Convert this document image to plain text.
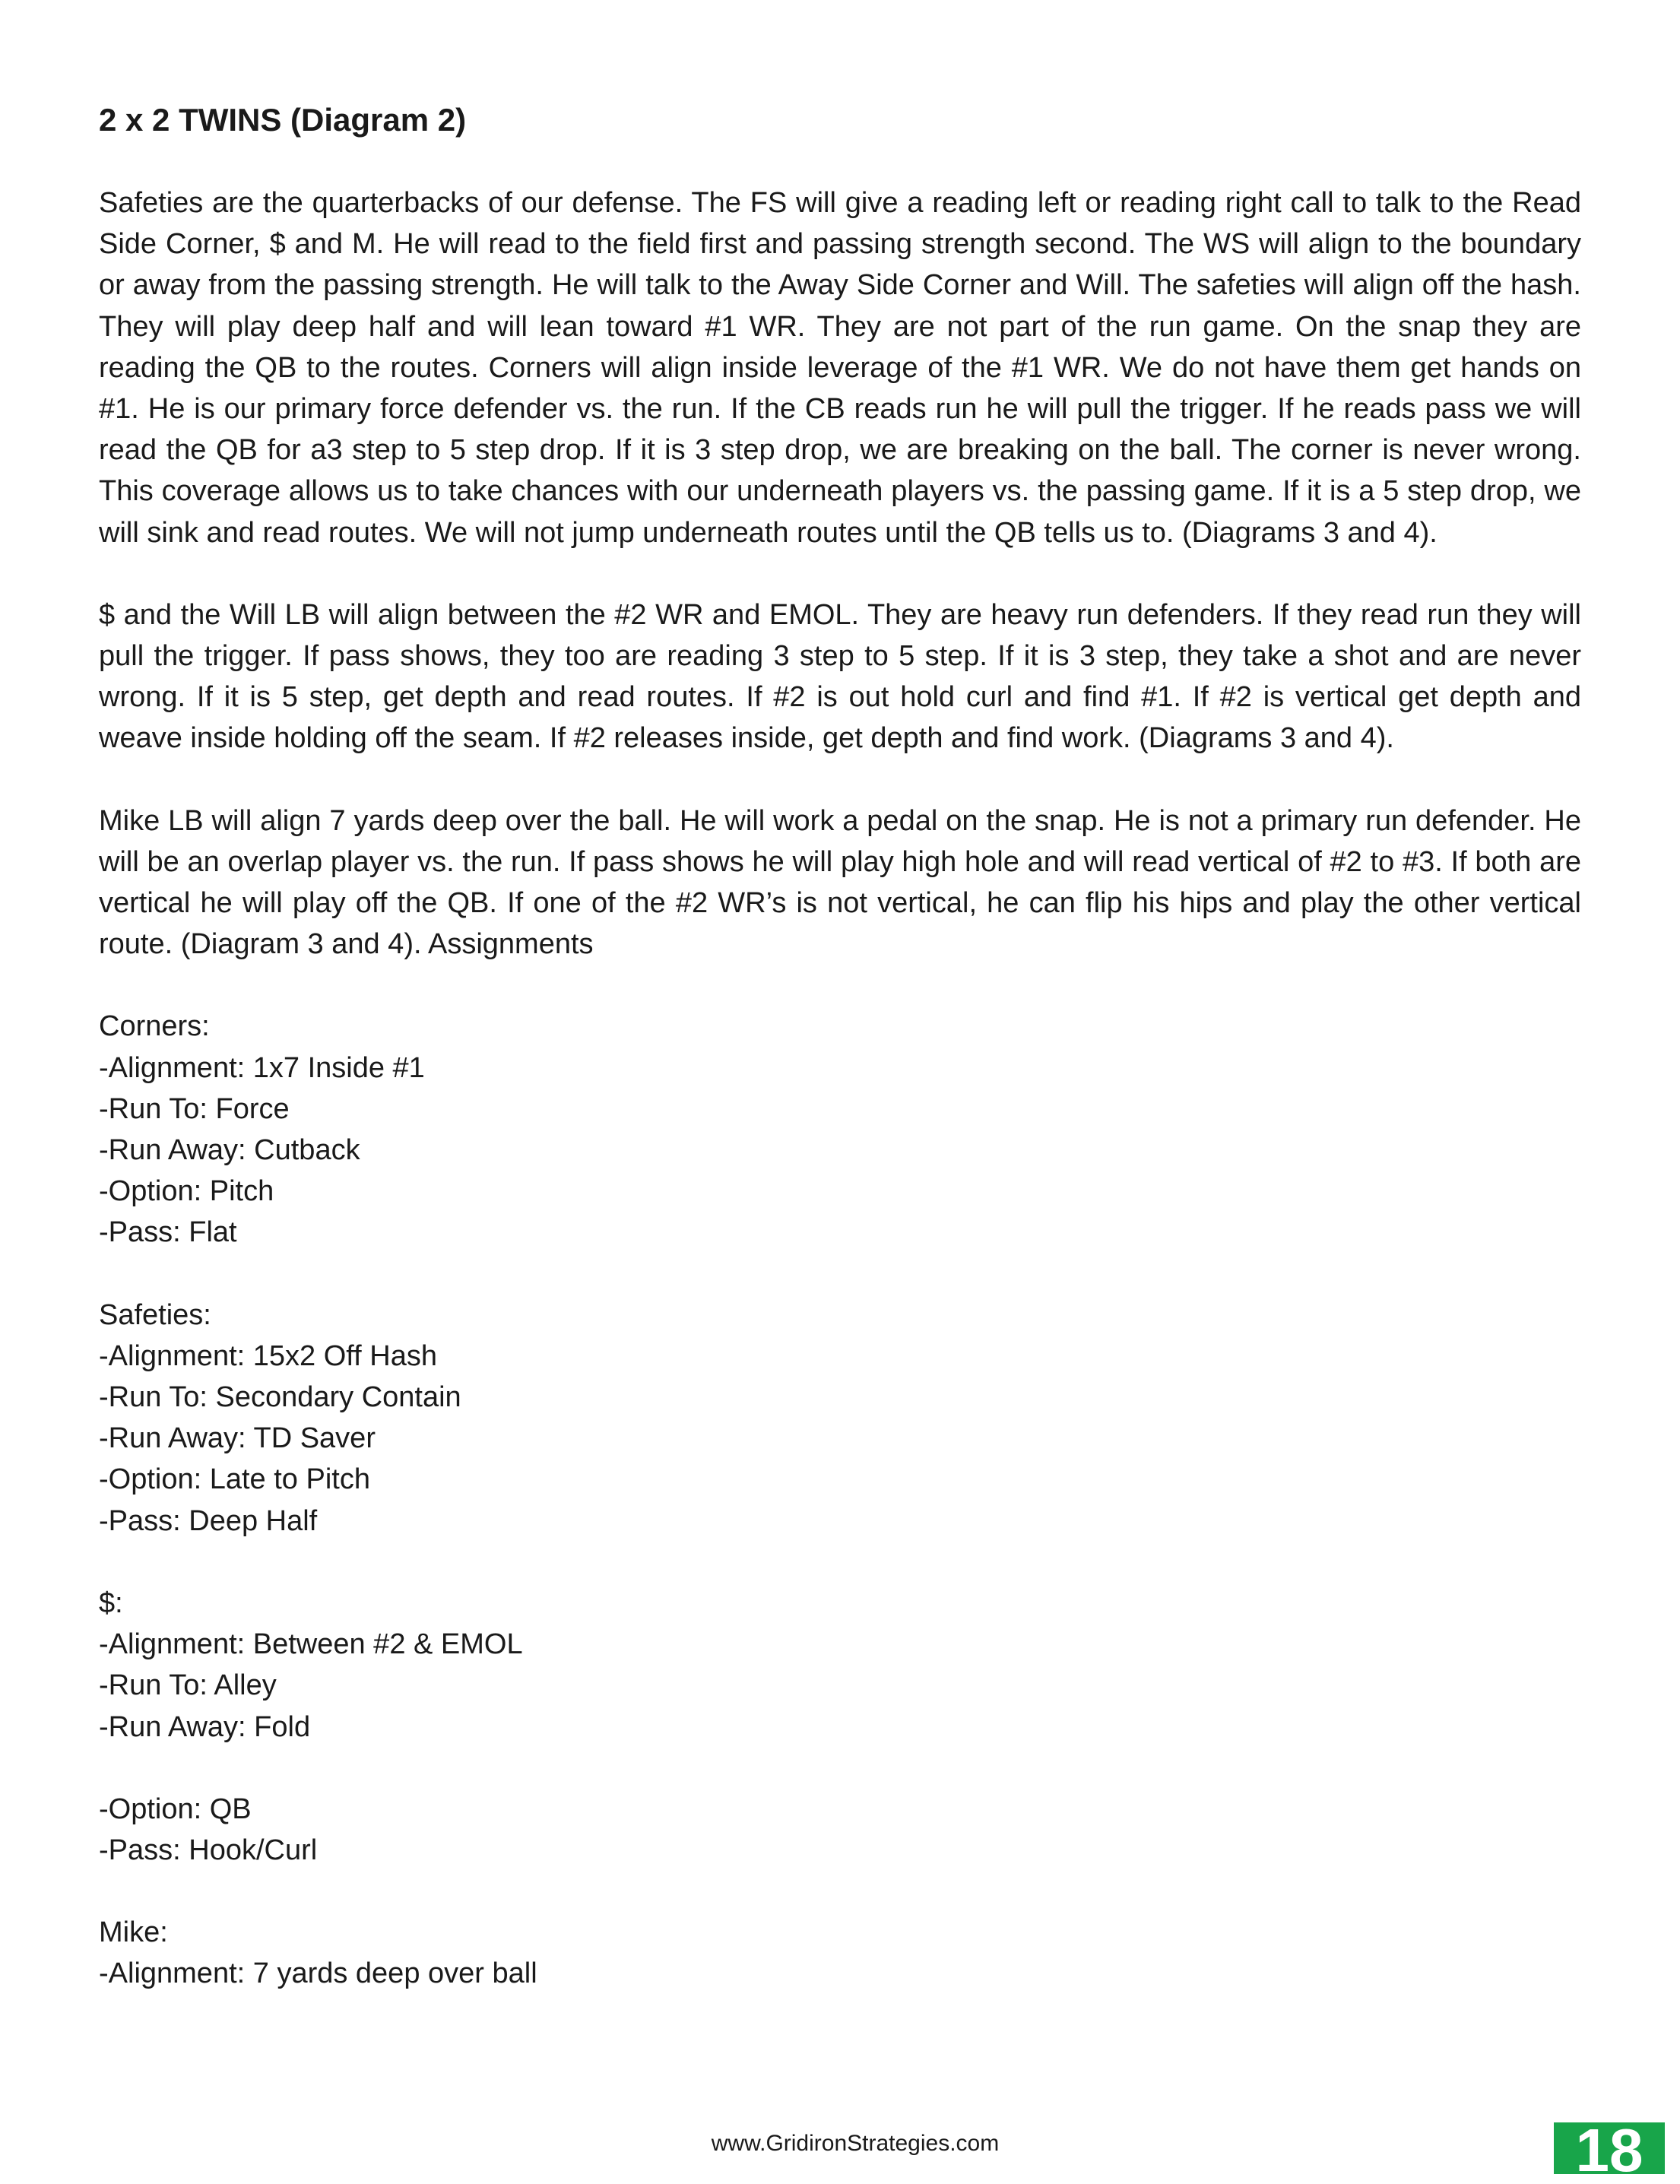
2 x 2 TWINS (Diagram 2)

Safeties are the quarterbacks of our defense. The FS will give a reading left or reading right call to talk to the Read Side Corner, $ and M. He will read to the field first and passing strength second. The WS will align to the boundary or away from the passing strength. He will talk to the Away Side Corner and Will. The safeties will align off the hash. They will play deep half and will lean toward #1 WR. They are not part of the run game. On the snap they are reading the QB to the routes. Corners will align inside leverage of the #1 WR. We do not have them get hands on #1. He is our primary force defender vs. the run. If the CB reads run he will pull the trigger. If he reads pass we will read the QB for a3 step to 5 step drop. If it is 3 step drop, we are breaking on the ball. The corner is never wrong. This coverage allows us to take chances with our underneath players vs. the passing game. If it is a 5 step drop, we will sink and read routes. We will not jump underneath routes until the QB tells us to. (Diagrams 3 and 4).

$ and the Will LB will align between the #2 WR and EMOL. They are heavy run defenders. If they read run they will pull the trigger. If pass shows, they too are reading 3 step to 5 step. If it is 3 step, they take a shot and are never wrong. If it is 5 step, get depth and read routes. If #2 is out hold curl and find #1. If #2 is vertical get depth and weave inside holding off the seam. If #2 releases inside, get depth and find work. (Diagrams 3 and 4).

Mike LB will align 7 yards deep over the ball. He will work a pedal on the snap. He is not a primary run defender. He will be an overlap player vs. the run. If pass shows he will play high hole and will read vertical of #2 to #3. If both are vertical he will play off the QB. If one of the #2 WR’s is not vertical, he can flip his hips and play the other vertical route. (Diagram 3 and 4). Assignments

Corners:
-Alignment: 1x7 Inside #1
-Run To: Force
-Run Away: Cutback
-Option: Pitch
-Pass: Flat
Safeties:
-Alignment: 15x2 Off Hash
-Run To: Secondary Contain
-Run Away: TD Saver
-Option: Late to Pitch
-Pass: Deep Half
$:
-Alignment: Between #2 & EMOL
-Run To: Alley
-Run Away: Fold
-Option: QB
-Pass: Hook/Curl
Mike:
-Alignment: 7 yards deep over ball
www.GridironStrategies.com	18
